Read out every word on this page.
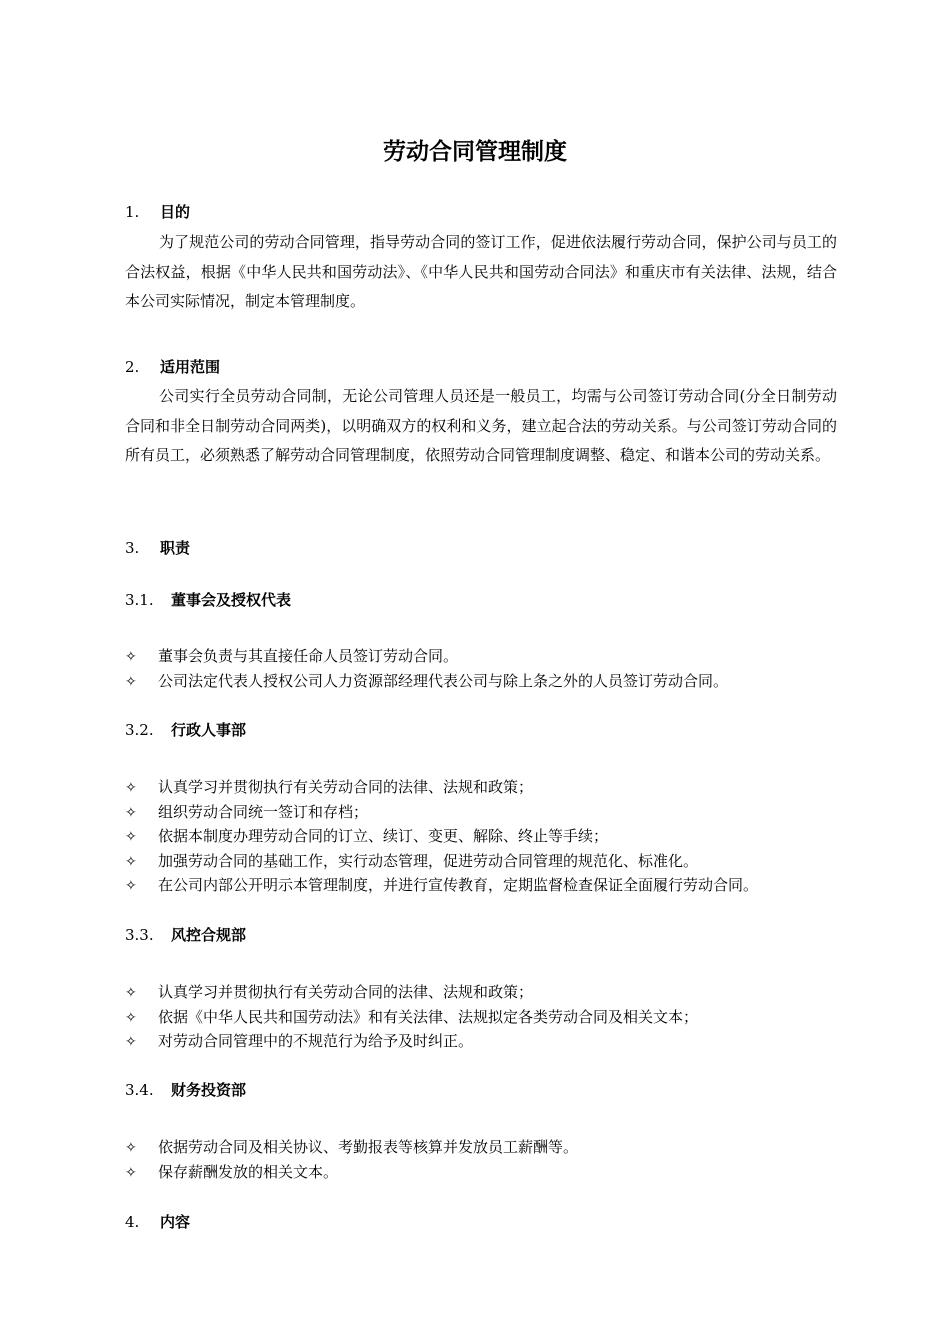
劳动合同管理制度
1. 目的
为了规范公司的劳动合同管理，指导劳动合同的签订工作，促进依法履行劳动合同，保护公司与员工的合法权益，根据《中华人民共和国劳动法》、《中华人民共和国劳动合同法》和重庆市有关法律、法规，结合本公司实际情况，制定本管理制度。
2. 适用范围
公司实行全员劳动合同制，无论公司管理人员还是一般员工，均需与公司签订劳动合同(分全日制劳动合同和非全日制劳动合同两类)，以明确双方的权利和义务，建立起合法的劳动关系。与公司签订劳动合同的所有员工，必须熟悉了解劳动合同管理制度，依照劳动合同管理制度调整、稳定、和谐本公司的劳动关系。
3. 职责
3.1. 董事会及授权代表
✧ 董事会负责与其直接任命人员签订劳动合同。
✧ 公司法定代表人授权公司人力资源部经理代表公司与除上条之外的人员签订劳动合同。
3.2. 行政人事部
✧ 认真学习并贯彻执行有关劳动合同的法律、法规和政策；
✧ 组织劳动合同统一签订和存档；
✧ 依据本制度办理劳动合同的订立、续订、变更、解除、终止等手续；
✧ 加强劳动合同的基础工作，实行动态管理，促进劳动合同管理的规范化、标准化。
✧ 在公司内部公开明示本管理制度，并进行宣传教育，定期监督检查保证全面履行劳动合同。
3.3. 风控合规部
✧ 认真学习并贯彻执行有关劳动合同的法律、法规和政策；
✧ 依据《中华人民共和国劳动法》和有关法律、法规拟定各类劳动合同及相关文本；
✧ 对劳动合同管理中的不规范行为给予及时纠正。
3.4. 财务投资部
✧ 依据劳动合同及相关协议、考勤报表等核算并发放员工薪酬等。
✧ 保存薪酬发放的相关文本。
4. 内容
